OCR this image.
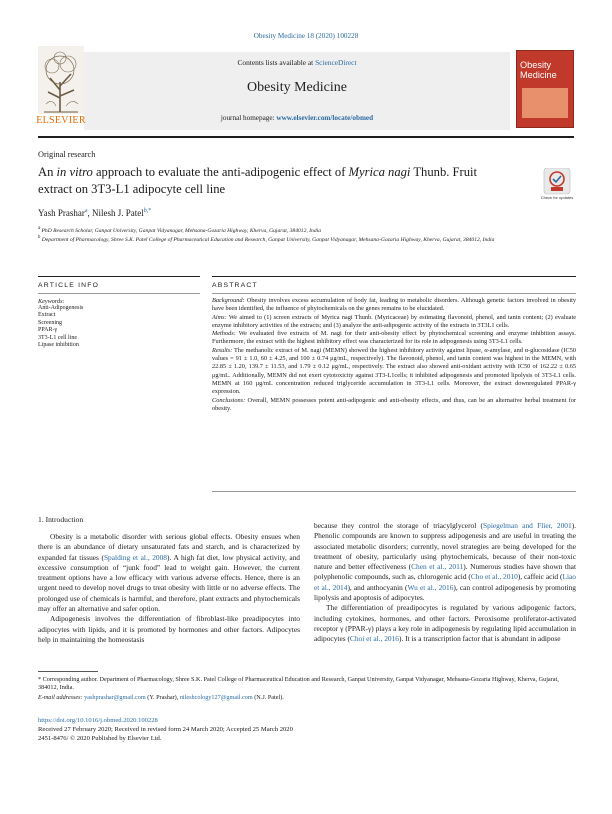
Obesity Medicine 18 (2020) 100228
Contents lists available at ScienceDirect
Obesity Medicine
journal homepage: www.elsevier.com/locate/obmed
ELSEVIER
Obesity Medicine
Original research
An in vitro approach to evaluate the anti-adipogenic effect of Myrica nagi Thunb. Fruit extract on 3T3-L1 adipocyte cell line
Check for updates
Yash Prashar$^a$, Nilesh J. Patel$^{b,*}$
$^a$ PhD Research Scholar, Ganpat University, Ganpat Vidyanagar, Mehsana-Gozaria Highway, Kherva, Gujarat, 384012, India
$^b$ Department of Pharmacology, Shree S.K. Patel College of Pharmaceutical Education and Research, Ganpat University, Ganpat Vidyanagar, Mehsana-Gozaria Highway, Kherva, Gujarat, 384012, India
ARTICLE INFO
Keywords:
Anti-Adipogenesis
Extract
Screening
PPAR-γ
3T3-L1 cell line
Lipase inhibition
ABSTRACT

Background: Obesity involves excess accumulation of body fat, leading to metabolic disorders. Although genetic factors involved in obesity have been identified, the influence of phytochemicals on the genes remains to be elucidated.

Aims: We aimed to (1) screen extracts of Myrica nagi Thunb. (Myricaceae) by estimating flavonoid, phenol, and tanin content; (2) evaluate enzyme inhibitory activities of the extracts; and (3) analyze the anti-adipogenic activity of the extracts in 3T3L1 cells.

Methods: We evaluated five extracts of M. nagi for their anti-obesity effect by phytochemical screening and enzyme inhibition assays. Furthermore, the extract with the highest inhibitory effect was characterized for its role in adipogenesis using 3T3-L1 cells.

Results: The methanolic extract of M. nagi (MEMN) showed the highest inhibitory activity against lipase, α-amylase, and α-glucosidase (IC50 values = 91 ± 1.0, 60 ± 4.25, and 100 ± 0.74 μg/mL, respectively). The flavonoid, phenol, and tanin content was highest in the MEMN, with 22.85 ± 1.20, 139.7 ± 11.53, and 1.79 ± 0.12 μg/mL, respectively. The extract also showed anti-oxidant activity with IC50 of 162.22 ± 0.65 μg/mL. Additionally, MEMN did not exert cytotoxicity against 3T3-L1cells; it inhibited adipogenesis and promoted lipolysis of 3T3-L1 cells. MEMN at 160 μg/mL concentration reduced triglyceride accumulation in 3T3-L1 cells. Moreover, the extract downregulated PPAR-γ expression.

Conclusions: Overall, MEMN possesses potent anti-adipogenic and anti-obesity effects, and thus, can be an alternative herbal treatment for obesity.

1. Introduction

Obesity is a metabolic disorder with serious global effects. Obesity ensues when there is an abundance of dietary unsaturated fats and starch, and is characterized by expanded fat tissues (Spalding et al., 2008). A high fat diet, low physical activity, and excessive consumption of “junk food” lead to weight gain. However, the current treatment options have a low efficacy with various adverse effects. Hence, there is an urgent need to develop novel drugs to treat obesity with little or no adverse effects. The prolonged use of chemicals is harmful, and therefore, plant extracts and phytochemicals may offer an alternative and safer option.

Adipogenesis involves the differentiation of fibroblast-like preadipocytes into adipocytes with lipids, and it is promoted by hormones and other factors. Adipocytes help in maintaining the homeostasis

because they control the storage of triacylglycerol (Spiegelman and Flier, 2001). Phenolic compounds are known to suppress adipogenesis and are useful in treating the associated metabolic disorders; currently, novel strategies are being developed for the treatment of obesity, particularly using phytochemicals, because of their non-toxic nature and better effectiveness (Chen et al., 2011). Numerous studies have shown that polyphenolic compounds, such as, chlorogenic acid (Cho et al., 2010), caffeic acid (Liao et al., 2014), and anthocyanin (Wu et al., 2016), can control adipogenesis by promoting lipolysis and apoptosis of adipocytes.

The differentiation of preadipocytes is regulated by various adipogenic factors, including cytokines, hormones, and other factors. Peroxisome proliferator-activated receptor γ (PPAR-γ) plays a key role in adipogenesis by regulating lipid accumulation in adipocytes (Choi et al., 2016). It is a transcription factor that is abundant in adipose

* Corresponding author. Department of Pharmacology, Shree S.K. Patel College of Pharmaceutical Education and Research, Ganpat University, Ganpat Vidyanagar, Mehsana-Gozaria Highway, Kherva, Gujarat, 384012, India.
E-mail addresses: yashprashar@gmail.com (Y. Prashar), nileshcology127@gmail.com (N.J. Patel).
https://doi.org/10.1016/j.obmed.2020.100228
Received 27 February 2020; Received in revised form 24 March 2020; Accepted 25 March 2020
2451-8476/ © 2020 Published by Elsevier Ltd.
